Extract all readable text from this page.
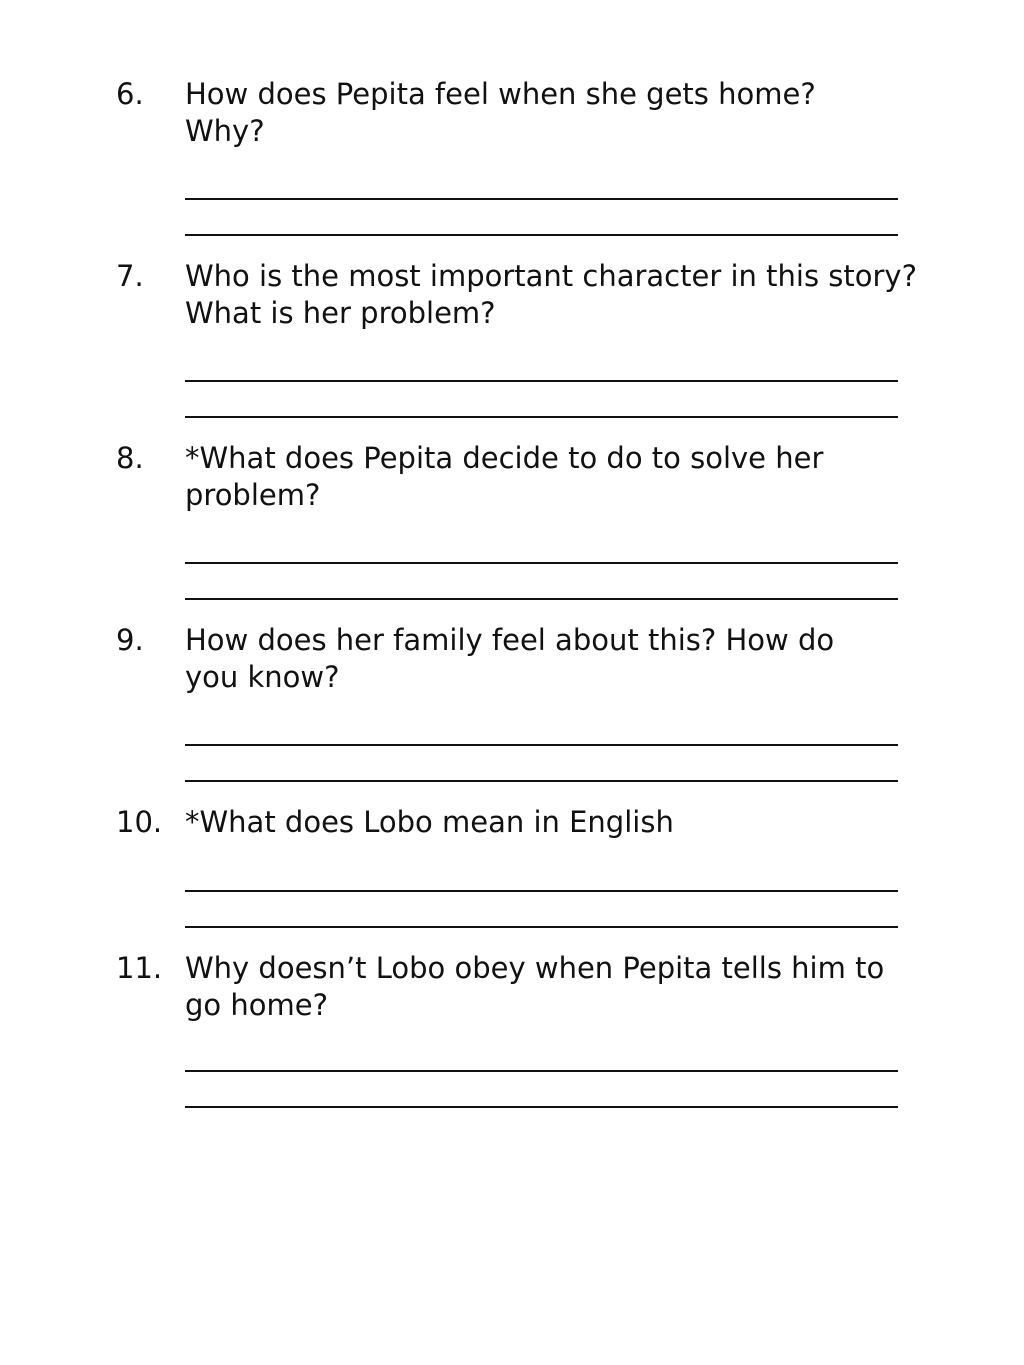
6. How does Pepita feel when she gets home?
Why?
7. Who is the most important character in this story?
What is her problem?
8. *What does Pepita decide to do to solve her
problem?
9. How does her family feel about this? How do
you know?
10. *What does Lobo mean in English
11. Why doesn’t Lobo obey when Pepita tells him to
go home?
